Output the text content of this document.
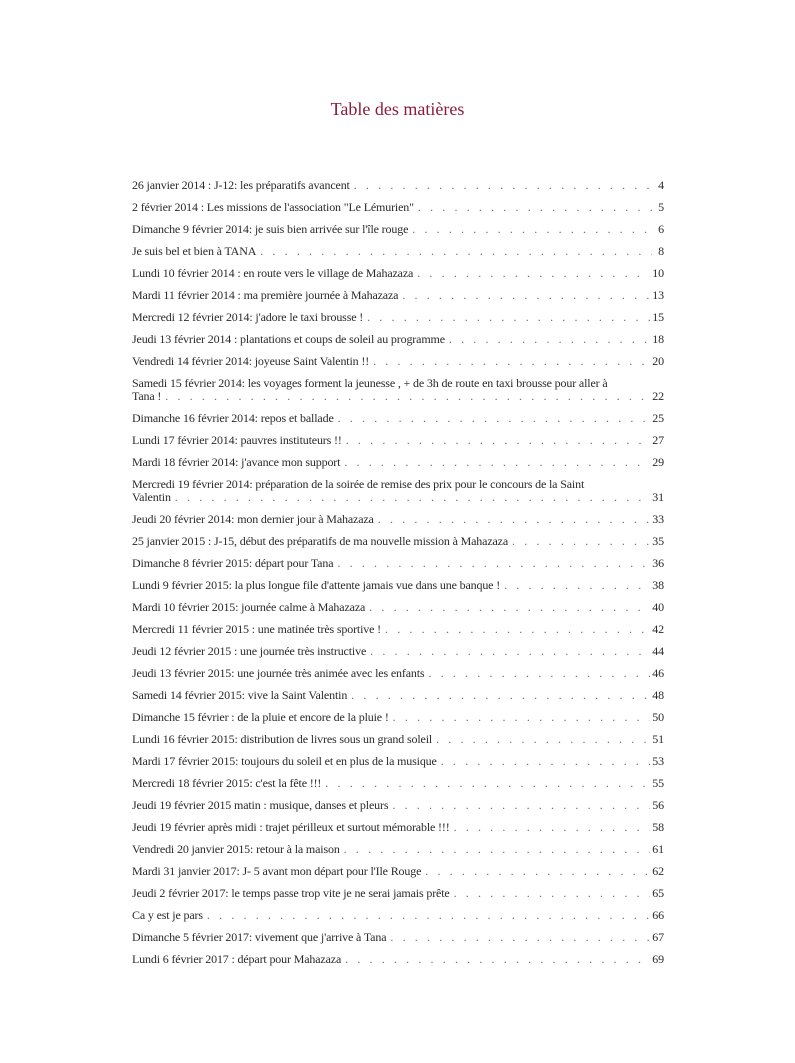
Table des matières
26 janvier 2014 : J-12: les préparatifs avancent . . .	4
2 février 2014 : Les missions de l'association "Le Lémurien" . . .	5
Dimanche 9 février 2014: je suis bien arrivée sur l'île rouge . . .	6
Je suis bel et bien à TANA . . .	8
Lundi 10 février 2014 : en route vers le village de Mahazaza . . .	10
Mardi 11 février 2014 : ma première journée à Mahazaza . . .	13
Mercredi 12 février 2014: j'adore le taxi brousse ! . . .	15
Jeudi 13 février 2014 : plantations et coups de soleil au programme . . .	18
Vendredi 14 février 2014: joyeuse Saint Valentin !! . . .	20
Samedi 15 février 2014: les voyages forment la jeunesse , + de 3h de route en taxi brousse pour aller à
Tana ! . . .	22
Dimanche 16 février 2014: repos et ballade . . .	25
Lundi 17 février 2014: pauvres instituteurs !! . . .	27
Mardi 18 février 2014: j'avance mon support . . .	29
Mercredi 19 février 2014: préparation de la soirée de remise des prix pour le concours de la Saint
Valentin . . .	31
Jeudi 20 février 2014: mon dernier jour à Mahazaza . . .	33
25 janvier 2015 : J-15, début des préparatifs de ma nouvelle mission à Mahazaza . . .	35
Dimanche 8 février 2015: départ pour Tana . . .	36
Lundi 9 février 2015: la plus longue file d'attente jamais vue dans une banque ! . . .	38
Mardi 10 février 2015: journée calme à Mahazaza . . .	40
Mercredi 11 février 2015 : une matinée très sportive ! . . .	42
Jeudi 12 février 2015 : une journée très instructive . . .	44
Jeudi 13 février 2015: une journée très animée avec les enfants . . .	46
Samedi 14 février 2015: vive la Saint Valentin . . .	48
Dimanche 15 février : de la pluie et encore de la pluie ! . . .	50
Lundi 16 février 2015: distribution de livres sous un grand soleil . . .	51
Mardi 17 février 2015: toujours du soleil et en plus de la musique . . .	53
Mercredi 18 février 2015: c'est la fête !!! . . .	55
Jeudi 19 février 2015 matin : musique, danses et pleurs . . .	56
Jeudi 19 février après midi : trajet périlleux et surtout mémorable !!! . . .	58
Vendredi 20 janvier 2015: retour à la maison . . .	61
Mardi 31 janvier 2017: J- 5 avant mon départ pour l'Ile Rouge . . .	62
Jeudi 2 février 2017: le temps passe trop vite je ne serai jamais prête . . .	65
Ca y est je pars . . .	66
Dimanche 5 février 2017: vivement que j'arrive à Tana . . .	67
Lundi 6 février 2017 : départ pour Mahazaza . . .	69
